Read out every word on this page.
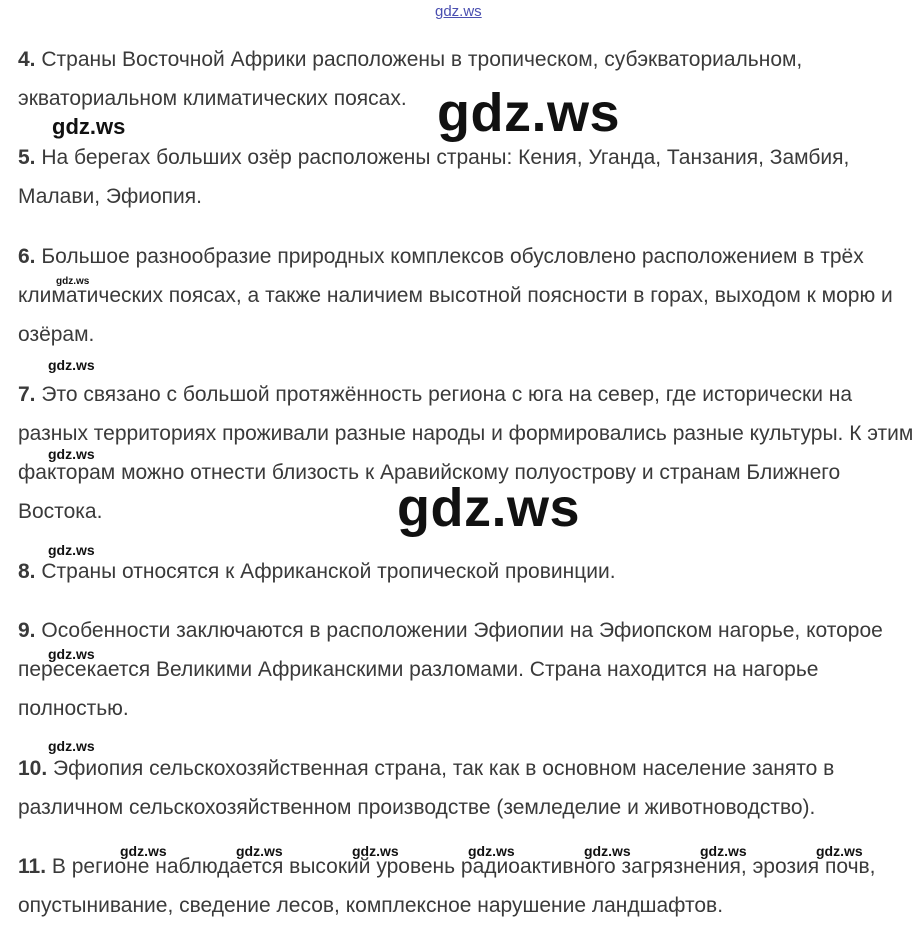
gdz.ws

4. Страны Восточной Африки расположены в тропическом, субэкваториальном, экваториальном климатических поясах.

5. На берегах больших озёр расположены страны: Кения, Уганда, Танзания, Замбия, Малави, Эфиопия.

6. Большое разнообразие природных комплексов обусловлено расположением в трёх климатических поясах, а также наличием высотной поясности в горах, выходом к морю и озёрам.

7. Это связано с большой протяжённость региона с юга на север, где исторически на разных территориях проживали разные народы и формировались разные культуры. К этим факторам можно отнести близость к Аравийскому полуострову и странам Ближнего Востока.

8. Страны относятся к Африканской тропической провинции.

9. Особенности заключаются в расположении Эфиопии на Эфиопском нагорье, которое пересекается Великими Африканскими разломами. Страна находится на нагорье полностью.

10. Эфиопия сельскохозяйственная страна, так как в основном население занято в различном сельскохозяйственном производстве (земледелие и животноводство).

11. В регионе наблюдается высокий уровень радиоактивного загрязнения, эрозия почв, опустынивание, сведение лесов, комплексное нарушение ландшафтов.

gdz.ws
gdz.ws
gdz.ws
gdz.ws
gdz.ws
gdz.ws
gdz.ws
gdz.ws
gdz.ws
gdz.ws	gdz.ws	gdz.ws	gdz.ws	gdz.ws	gdz.ws	gdz.ws
